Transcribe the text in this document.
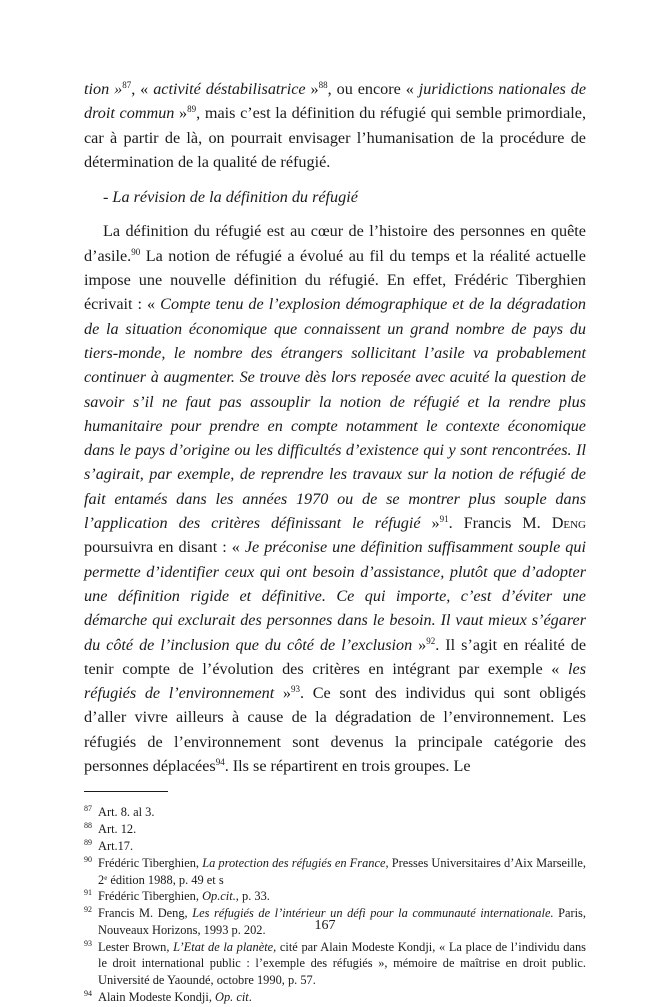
tion »$^{87}$, « activité déstabilisatrice »$^{88}$, ou encore « juridictions nationales de droit commun »$^{89}$, mais c’est la définition du réfugié qui semble primordiale, car à partir de là, on pourrait envisager l’humanisation de la procédure de détermination de la qualité de réfugié.

- La révision de la définition du réfugié

La définition du réfugié est au cœur de l’histoire des personnes en quête d’asile.$^{90}$ La notion de réfugié a évolué au fil du temps et la réalité actuelle impose une nouvelle définition du réfugié. En effet, Frédéric Tiberghien écrivait : « Compte tenu de l’explosion démographique et de la dégradation de la situation économique que connaissent un grand nombre de pays du tiers-monde, le nombre des étrangers sollicitant l’asile va probablement continuer à augmenter. Se trouve dès lors reposée avec acuité la question de savoir s’il ne faut pas assouplir la notion de réfugié et la rendre plus humanitaire pour prendre en compte notamment le contexte économique dans le pays d’origine ou les difficultés d’existence qui y sont rencontrées. Il s’agirait, par exemple, de reprendre les travaux sur la notion de réfugié de fait entamés dans les années 1970 ou de se montrer plus souple dans l’application des critères définissant le réfugié »$^{91}$. Francis M. Deng poursuivra en disant : « Je préconise une définition suffisamment souple qui permette d’identifier ceux qui ont besoin d’assistance, plutôt que d’adopter une définition rigide et définitive. Ce qui importe, c’est d’éviter une démarche qui exclurait des personnes dans le besoin. Il vaut mieux s’égarer du côté de l’inclusion que du côté de l’exclusion »$^{92}$. Il s’agit en réalité de tenir compte de l’évolution des critères en intégrant par exemple « les réfugiés de l’environnement »$^{93}$. Ce sont des individus qui sont obligés d’aller vivre ailleurs à cause de la dégradation de l’environnement. Les réfugiés de l’environnement sont devenus la principale catégorie des personnes déplacées$^{94}$. Ils se répartirent en trois groupes. Le

87 Art. 8. al 3.
88 Art. 12.
89 Art.17.
90 Frédéric Tiberghien, La protection des réfugiés en France, Presses Universitaires d’Aix Marseille, 2e édition 1988, p. 49 et s
91 Frédéric Tiberghien, Op.cit., p. 33.
92 Francis M. Deng, Les réfugiés de l’intérieur un défi pour la communauté internationale. Paris, Nouveaux Horizons, 1993 p. 202.
93 Lester Brown, L’Etat de la planète, cité par Alain Modeste Kondji, « La place de l’individu dans le droit international public : l’exemple des réfugiés », mémoire de maîtrise en droit public. Université de Yaoundé, octobre 1990, p. 57.
94 Alain Modeste Kondji, Op. cit.
167
